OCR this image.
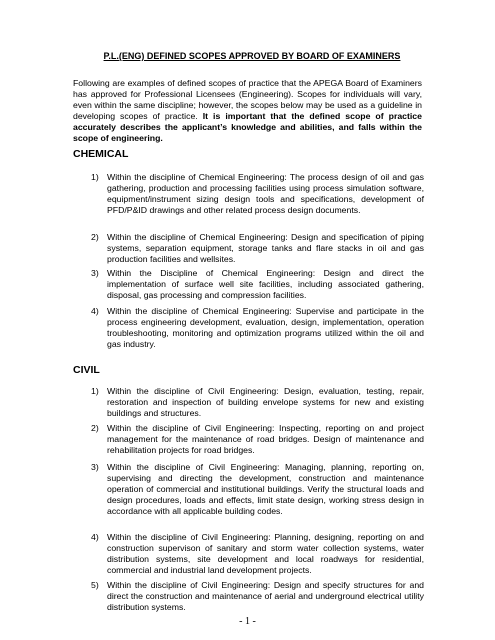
P.L.(ENG) DEFINED SCOPES APPROVED BY BOARD OF EXAMINERS
Following are examples of defined scopes of practice that the APEGA Board of Examiners has approved for Professional Licensees (Engineering). Scopes for individuals will vary, even within the same discipline; however, the scopes below may be used as a guideline in developing scopes of practice. It is important that the defined scope of practice accurately describes the applicant’s knowledge and abilities, and falls within the scope of engineering.
CHEMICAL
1) Within the discipline of Chemical Engineering: The process design of oil and gas gathering, production and processing facilities using process simulation software, equipment/instrument sizing design tools and specifications, development of PFD/P&ID drawings and other related process design documents.
2) Within the discipline of Chemical Engineering: Design and specification of piping systems, separation equipment, storage tanks and flare stacks in oil and gas production facilities and wellsites.
3) Within the Discipline of Chemical Engineering: Design and direct the implementation of surface well site facilities, including associated gathering, disposal, gas processing and compression facilities.
4) Within the discipline of Chemical Engineering: Supervise and participate in the process engineering development, evaluation, design, implementation, operation troubleshooting, monitoring and optimization programs utilized within the oil and gas industry.
CIVIL
1) Within the discipline of Civil Engineering: Design, evaluation, testing, repair, restoration and inspection of building envelope systems for new and existing buildings and structures.
2) Within the discipline of Civil Engineering: Inspecting, reporting on and project management for the maintenance of road bridges. Design of maintenance and rehabilitation projects for road bridges.
3) Within the discipline of Civil Engineering: Managing, planning, reporting on, supervising and directing the development, construction and maintenance operation of commercial and institutional buildings. Verify the structural loads and design procedures, loads and effects, limit state design, working stress design in accordance with all applicable building codes.
4) Within the discipline of Civil Engineering: Planning, designing, reporting on and construction supervison of sanitary and storm water collection systems, water distribution systems, site development and local roadways for residential, commercial and industrial land development projects.
5) Within the discipline of Civil Engineering: Design and specify structures for and direct the construction and maintenance of aerial and underground electrical utility distribution systems.
- 1 -
